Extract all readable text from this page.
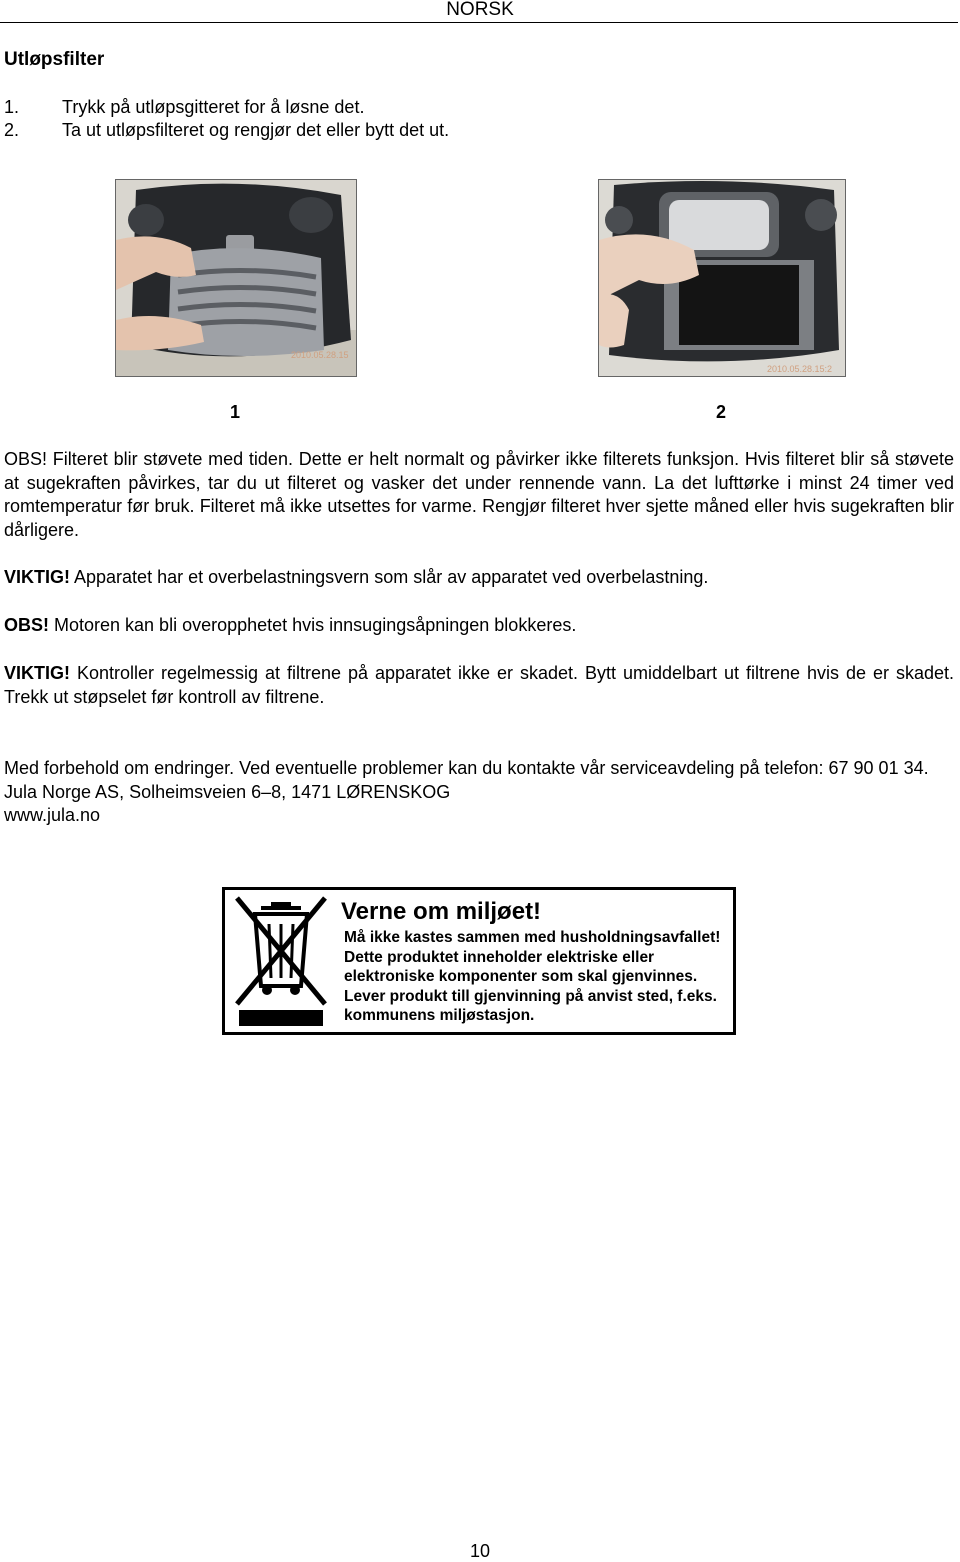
NORSK
Utløpsfilter
1.	Trykk på utløpsgitteret for å løsne det.
2.	Ta ut utløpsfilteret og rengjør det eller bytt det ut.
2010.05.28.15
2010.05.28.15:2
1	2

OBS! Filteret blir støvete med tiden. Dette er helt normalt og påvirker ikke filterets funksjon. Hvis filteret blir så støvete at sugekraften påvirkes, tar du ut filteret og vasker det under rennende vann. La det lufttørke i minst 24 timer ved romtemperatur før bruk. Filteret må ikke utsettes for varme. Rengjør filteret hver sjette måned eller hvis sugekraften blir dårligere.

VIKTIG! Apparatet har et overbelastningsvern som slår av apparatet ved overbelastning.

OBS! Motoren kan bli overopphetet hvis innsugingsåpningen blokkeres.

VIKTIG! Kontroller regelmessig at filtrene på apparatet ikke er skadet. Bytt umiddelbart ut filtrene hvis de er skadet. Trekk ut støpselet før kontroll av filtrene.

Med forbehold om endringer. Ved eventuelle problemer kan du kontakte vår serviceavdeling på telefon: 67 90 01 34.
Jula Norge AS, Solheimsveien 6–8, 1471 LØRENSKOG
www.jula.no
Verne om miljøet!
Må ikke kastes sammen med husholdningsavfallet!
Dette produktet inneholder elektriske eller
elektroniske komponenter som skal gjenvinnes.
Lever produkt till gjenvinning på anvist sted, f.eks.
kommunens miljøstasjon.
10
